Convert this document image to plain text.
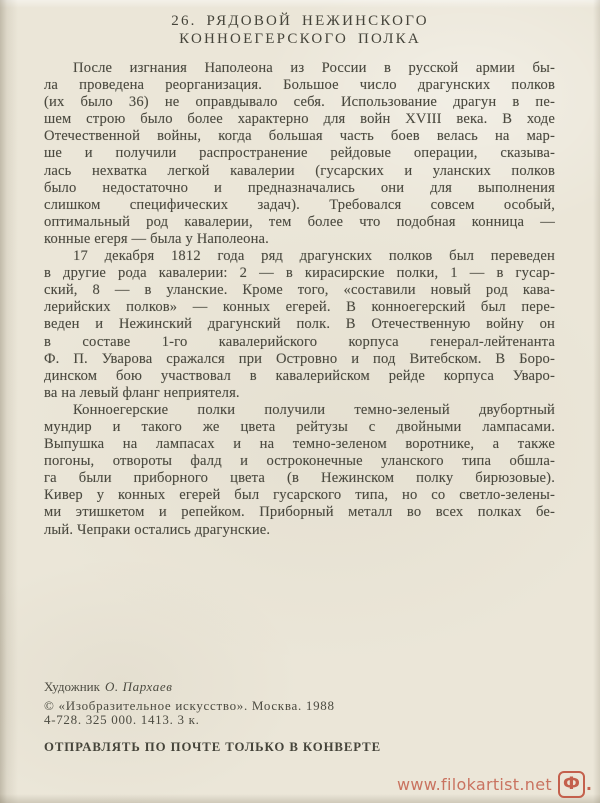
26. РЯДОВОЙ НЕЖИНСКОГО
КОННОЕГЕРСКОГО ПОЛКА
После изгнания Наполеона из России в русской армии бы-
ла проведена реорганизация. Большое число драгунских полков
(их было 36) не оправдывало себя. Использование драгун в пе-
шем строю было более характерно для войн XVIII века. В ходе
Отечественной войны, когда большая часть боев велась на мар-
ше и получили распространение рейдовые операции, сказыва-
лась нехватка легкой кавалерии (гусарских и уланских полков
было недостаточно и предназначались они для выполнения
слишком специфических задач). Требовался совсем особый,
оптимальный род кавалерии, тем более что подобная конница —
конные егеря — была у Наполеона.
17 декабря 1812 года ряд драгунских полков был переведен
в другие рода кавалерии: 2 — в кирасирские полки, 1 — в гусар-
ский, 8 — в уланские. Кроме того, «составили новый род кава-
лерийских полков» — конных егерей. В конноегерский был пере-
веден и Нежинский драгунский полк. В Отечественную войну он
в составе 1-го кавалерийского корпуса генерал-лейтенанта
Ф. П. Уварова сражался при Островно и под Витебском. В Боро-
динском бою участвовал в кавалерийском рейде корпуса Уваро-
ва на левый фланг неприятеля.
Конноегерские полки получили темно-зеленый двубортный
мундир и такого же цвета рейтузы с двойными лампасами.
Выпушка на лампасах и на темно-зеленом воротнике, а также
погоны, отвороты фалд и остроконечные уланского типа обшла-
га были приборного цвета (в Нежинском полку бирюзовые).
Кивер у конных егерей был гусарского типа, но со светло-зелены-
ми этишкетом и репейком. Приборный металл во всех полках бе-
лый. Чепраки остались драгунские.
Художник О. Пархаев
© «Изобразительное искусство». Москва. 1988
4-728. 325 000. 1413. 3 к.
ОТПРАВЛЯТЬ ПО ПОЧТЕ ТОЛЬКО В КОНВЕРТЕ
www.filokartist.net Ф .
